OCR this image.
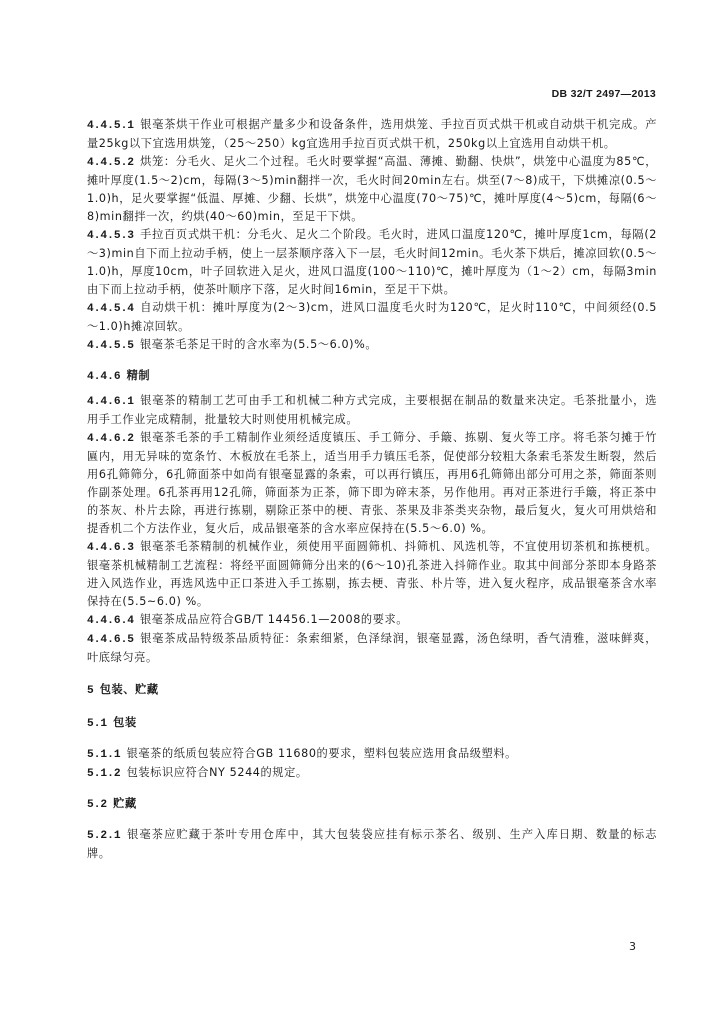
DB 32/T 2497—2013

4.4.5.1 银毫茶烘干作业可根据产量多少和设备条件，选用烘笼、手拉百页式烘干机或自动烘干机完成。产量25kg以下宜选用烘笼，（25～250）kg宜选用手拉百页式烘干机，250kg以上宜选用自动烘干机。

4.4.5.2 烘笼：分毛火、足火二个过程。毛火时要掌握“高温、薄摊、勤翻、快烘”，烘笼中心温度为85℃，摊叶厚度(1.5～2)cm，每隔(3～5)min翻拌一次，毛火时间20min左右。烘至(7～8)成干，下烘摊凉(0.5～1.0)h，足火要掌握“低温、厚摊、少翻、长烘”，烘笼中心温度(70～75)℃，摊叶厚度(4～5)cm，每隔(6～8)min翻拌一次，约烘(40～60)min，至足干下烘。

4.4.5.3 手拉百页式烘干机：分毛火、足火二个阶段。毛火时，进风口温度120℃，摊叶厚度1cm，每隔(2～3)min自下而上拉动手柄，使上一层茶顺序落入下一层，毛火时间12min。毛火茶下烘后，摊凉回软(0.5～1.0)h，厚度10cm，叶子回软进入足火，进风口温度(100～110)℃，摊叶厚度为（1～2）cm，每隔3min由下而上拉动手柄，使茶叶顺序下落，足火时间16min，至足干下烘。

4.4.5.4 自动烘干机：摊叶厚度为(2～3)cm，进风口温度毛火时为120℃，足火时110℃，中间须经(0.5～1.0)h摊凉回软。

4.4.5.5 银毫茶毛茶足干时的含水率为(5.5～6.0)%。

4.4.6 精制

4.4.6.1 银毫茶的精制工艺可由手工和机械二种方式完成，主要根据在制品的数量来决定。毛茶批量小，选用手工作业完成精制，批量较大时则使用机械完成。

4.4.6.2 银毫茶毛茶的手工精制作业须经适度镇压、手工筛分、手簸、拣剔、复火等工序。将毛茶匀摊于竹匾内，用无异味的宽条竹、木板放在毛茶上，适当用手力镇压毛茶，促使部分较粗大条索毛茶发生断裂，然后用6孔筛筛分，6孔筛面茶中如尚有银毫显露的条索，可以再行镇压，再用6孔筛筛出部分可用之茶，筛面茶则作副茶处理。6孔茶再用12孔筛，筛面茶为正茶，筛下即为碎末茶，另作他用。再对正茶进行手簸，将正茶中的茶灰、朴片去除，再进行拣剔，剔除正茶中的梗、青张、茶果及非茶类夹杂物，最后复火，复火可用烘焙和提香机二个方法作业，复火后，成品银毫茶的含水率应保持在(5.5～6.0) %。

4.4.6.3 银毫茶毛茶精制的机械作业，须使用平面圆筛机、抖筛机、风选机等，不宜使用切茶机和拣梗机。银毫茶机械精制工艺流程：将经平面圆筛筛分出来的(6～10)孔茶进入抖筛作业。取其中间部分茶即本身路茶进入风选作业，再选风选中正口茶进入手工拣剔，拣去梗、青张、朴片等，进入复火程序，成品银毫茶含水率保持在(5.5~6.0) %。

4.4.6.4 银毫茶成品应符合GB/T 14456.1—2008的要求。

4.4.6.5 银毫茶成品特级茶品质特征：条索细紧，色泽绿润，银毫显露，汤色绿明，香气清雅，滋味鲜爽，叶底绿匀亮。

5 包装、贮藏

5.1 包装

5.1.1 银毫茶的纸质包装应符合GB 11680的要求，塑料包装应选用食品级塑料。

5.1.2 包装标识应符合NY 5244的规定。

5.2 贮藏

5.2.1 银毫茶应贮藏于茶叶专用仓库中，其大包装袋应挂有标示茶名、级别、生产入库日期、数量的标志牌。

3
